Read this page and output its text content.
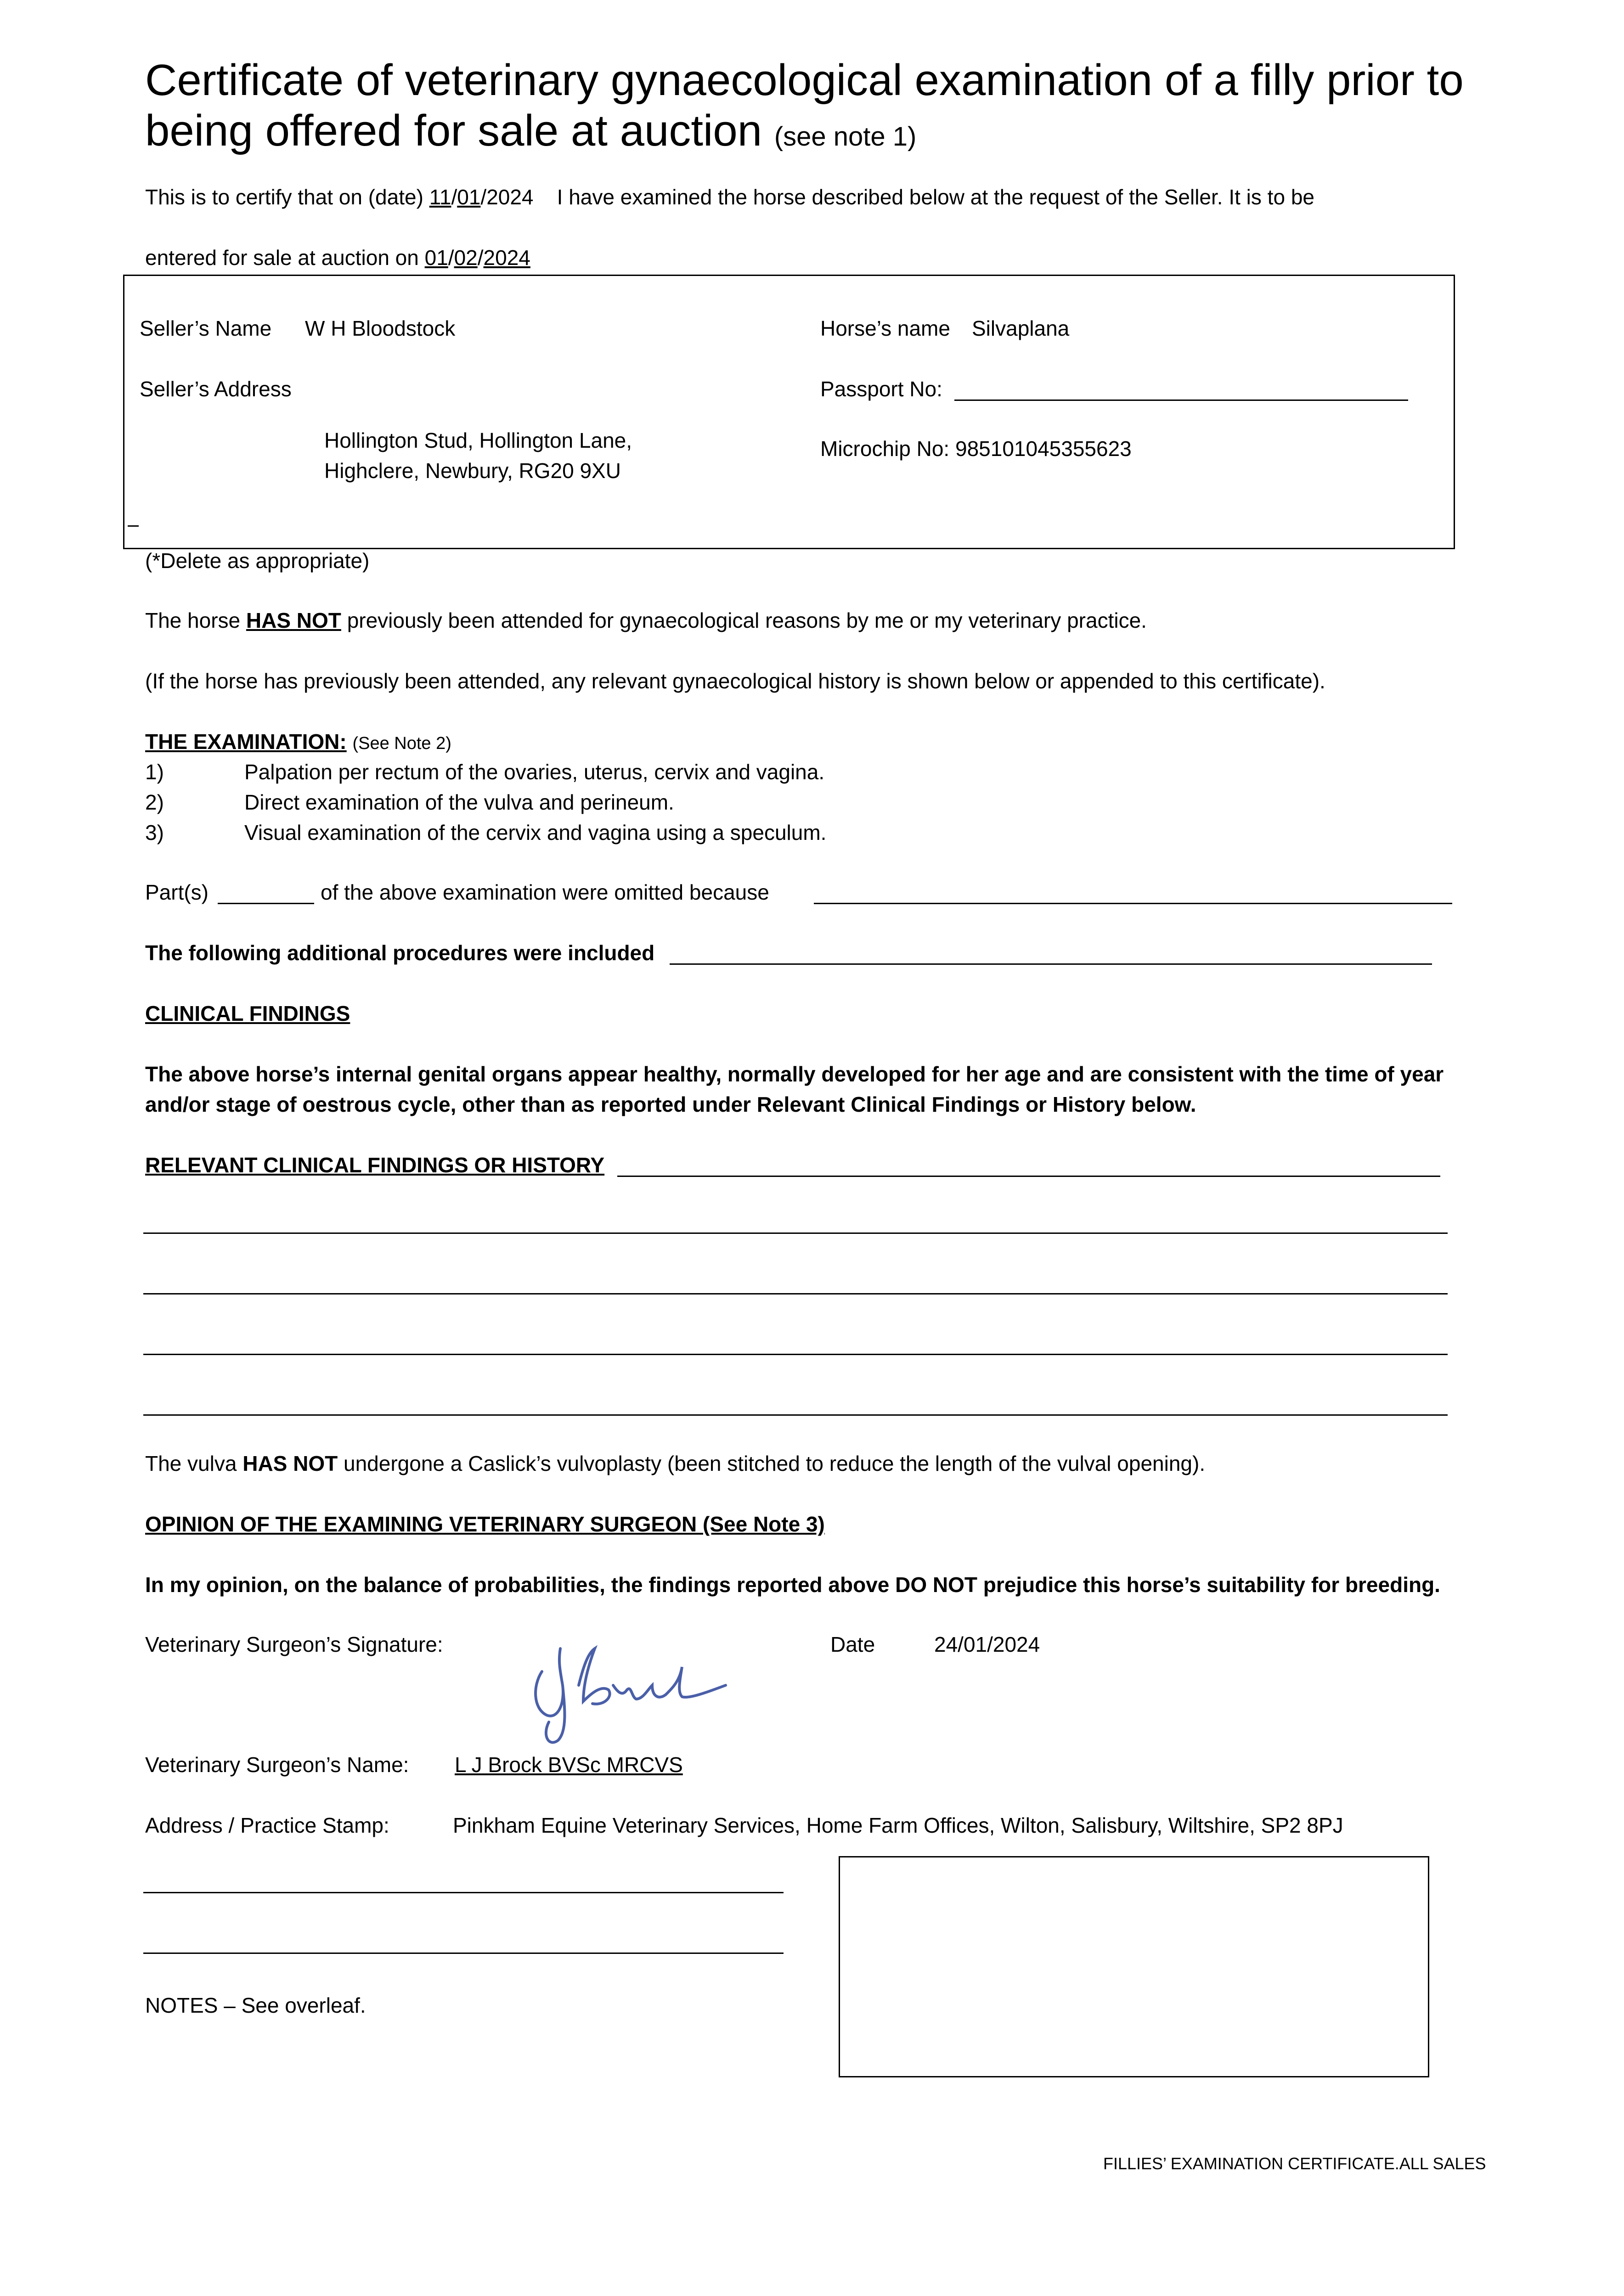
Certificate of veterinary gynaecological examination of a filly prior to
being offered for sale at auction (see note 1)
This is to certify that on (date) 11/01/2024 I have examined the horse described below at the request of the Seller. It is to be
entered for sale at auction on 01/02/2024
Seller’s Name W H Bloodstock
Seller’s Address
Hollington Stud, Hollington Lane,
Highclere, Newbury, RG20 9XU
Horse’s name Silvaplana
Passport No:
Microchip No: 985101045355623
(*Delete as appropriate)
The horse HAS NOT previously been attended for gynaecological reasons by me or my veterinary practice.
(If the horse has previously been attended, any relevant gynaecological history is shown below or appended to this certificate).
THE EXAMINATION: (See Note 2)
1)	Palpation per rectum of the ovaries, uterus, cervix and vagina.
2)	Direct examination of the vulva and perineum.
3)	Visual examination of the cervix and vagina using a speculum.
Part(s)	of the above examination were omitted because
The following additional procedures were included
CLINICAL FINDINGS
The above horse’s internal genital organs appear healthy, normally developed for her age and are consistent with the time of year
and/or stage of oestrous cycle, other than as reported under Relevant Clinical Findings or History below.
RELEVANT CLINICAL FINDINGS OR HISTORY
The vulva HAS NOT undergone a Caslick’s vulvoplasty (been stitched to reduce the length of the vulval opening).
OPINION OF THE EXAMINING VETERINARY SURGEON (See Note 3)
In my opinion, on the balance of probabilities, the findings reported above DO NOT prejudice this horse’s suitability for breeding.
Veterinary Surgeon’s Signature:	Date	24/01/2024
Veterinary Surgeon’s Name: L J Brock BVSc MRCVS
Address / Practice Stamp:	Pinkham Equine Veterinary Services, Home Farm Offices, Wilton, Salisbury, Wiltshire, SP2 8PJ
NOTES – See overleaf.
FILLIES’ EXAMINATION CERTIFICATE.ALL SALES
